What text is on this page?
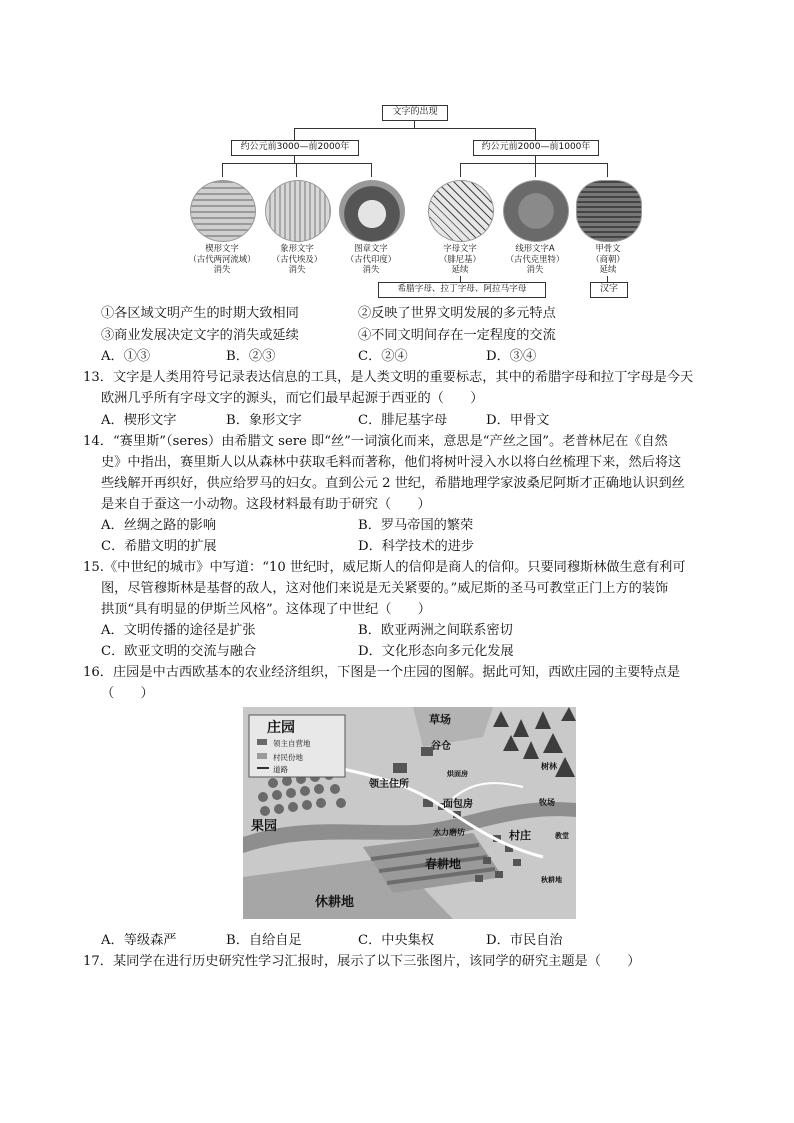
文字的出现
约公元前3000—前2000年	约公元前2000—前1000年
楔形文字
（古代两河流域）
消失
象形文字
（古代埃及）
消失
图章文字
（古代印度）
消失
字母文字
（腓尼基）
延续
线形文字A
（古代克里特）
消失
甲骨文
（商朝）
延续
希腊字母、拉丁字母、阿拉马字母	汉字
①各区域文明产生的时期大致相同	②反映了世界文明发展的多元特点
③商业发展决定文字的消失或延续	④不同文明间存在一定程度的交流
A．①③	B．②③	C．②④	D．③④
13．文字是人类用符号记录表达信息的工具，是人类文明的重要标志，其中的希腊字母和拉丁字母是今天
欧洲几乎所有字母文字的源头，而它们最早起源于西亚的（　　）
A．楔形文字	B．象形文字	C．腓尼基字母	D．甲骨文
14．“赛里斯”（seres）由希腊文 sere 即“丝”一词演化而来，意思是“产丝之国”。老普林尼在《自然
史》中指出，赛里斯人以从森林中获取毛料而著称，他们将树叶浸入水以将白丝梳理下来，然后将这
些线解开再织好，供应给罗马的妇女。直到公元 2 世纪，希腊地理学家波桑尼阿斯才正确地认识到丝
是来自于蚕这一小动物。这段材料最有助于研究（　　）
A．丝绸之路的影响	B．罗马帝国的繁荣
C．希腊文明的扩展	D．科学技术的进步
15.《中世纪的城市》中写道：“10 世纪时，威尼斯人的信仰是商人的信仰。只要同穆斯林做生意有利可
图，尽管穆斯林是基督的敌人，这对他们来说是无关紧要的。”威尼斯的圣马可教堂正门上方的装饰
拱顶“具有明显的伊斯兰风格”。这体现了中世纪（　　）
A．文明传播的途径是扩张	B．欧亚两洲之间联系密切
C．欧亚文明的交流与融合	D．文化形态向多元化发展
16．庄园是中古西欧基本的农业经济组织，下图是一个庄园的图解。据此可知，西欧庄园的主要特点是
（　　）
庄园
领主自营地
村民份地
道路
草场
谷仓
领主住所
烘面房
面包房
果园	水力磨坊	村庄	教堂
春耕地
休耕地
秋耕地
牧场
树林
A．等级森严	B．自给自足	C．中央集权	D．市民自治
17．某同学在进行历史研究性学习汇报时，展示了以下三张图片，该同学的研究主题是（　　）
